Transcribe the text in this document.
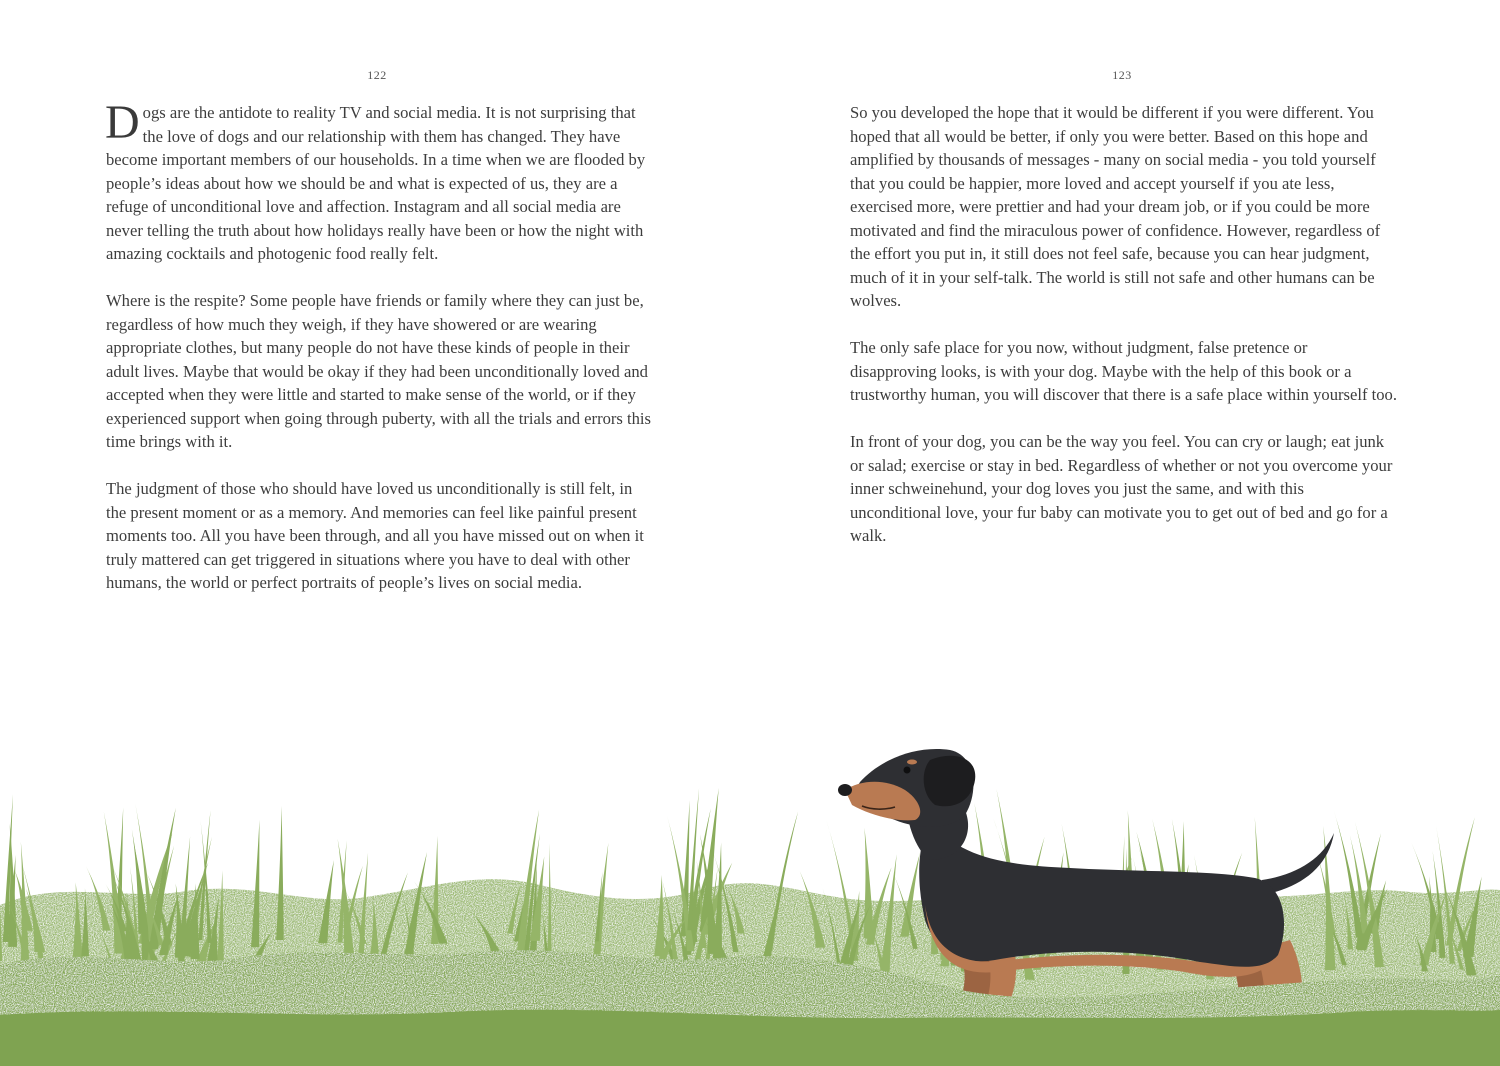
122	123

Dogs are the antidote to reality TV and social media. It is not surprising that the love of dogs and our relationship with them has changed. They have become important members of our households. In a time when we are flooded by people’s ideas about how we should be and what is expected of us, they are a refuge of unconditional love and affection. Instagram and all social media are never telling the truth about how holidays really have been or how the night with amazing cocktails and photogenic food really felt.

Where is the respite? Some people have friends or family where they can just be, regardless of how much they weigh, if they have showered or are wearing appropriate clothes, but many people do not have these kinds of people in their adult lives. Maybe that would be okay if they had been unconditionally loved and accepted when they were little and started to make sense of the world, or if they experienced support when going through puberty, with all the trials and errors this time brings with it.

The judgment of those who should have loved us unconditionally is still felt, in the present moment or as a memory. And memories can feel like painful present moments too. All you have been through, and all you have missed out on when it truly mattered can get triggered in situations where you have to deal with other humans, the world or perfect portraits of people’s lives on social media.

So you developed the hope that it would be different if you were different. You hoped that all would be better, if only you were better. Based on this hope and amplified by thousands of messages - many on social media - you told yourself that you could be happier, more loved and accept yourself if you ate less, exercised more, were prettier and had your dream job, or if you could be more motivated and find the miraculous power of confidence. However, regardless of the effort you put in, it still does not feel safe, because you can hear judgment, much of it in your self-talk. The world is still not safe and other humans can be wolves.

The only safe place for you now, without judgment, false pretence or disapproving looks, is with your dog. Maybe with the help of this book or a trustworthy human, you will discover that there is a safe place within yourself too.

In front of your dog, you can be the way you feel. You can cry or laugh; eat junk or salad; exercise or stay in bed. Regardless of whether or not you overcome your inner schweinehund, your dog loves you just the same, and with this unconditional love, your fur baby can motivate you to get out of bed and go for a walk.
